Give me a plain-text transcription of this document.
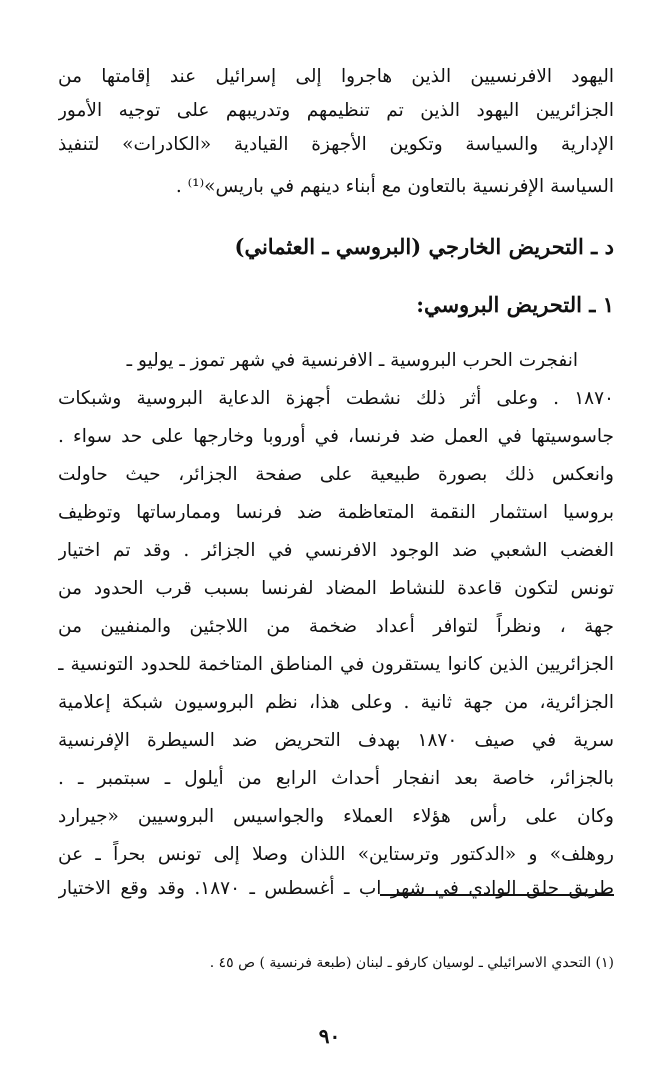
اليهود الافرنسيين الذين هاجروا إلى إسرائيل عند إقامتها من
الجزائريين اليهود الذين تم تنظيمهم وتدريبهم على توجيه الأمور
الإدارية والسياسة وتكوين الأجهزة القيادية «الكادرات» لتنفيذ
السياسة الإفرنسية بالتعاون مع أبناء دينهم في باريس»⁽¹⁾ .
د ـ التحريض الخارجي (البروسي ـ العثماني)
١ ـ التحريض البروسي:
انفجرت الحرب البروسية ـ الافرنسية في شهر تموز ـ يوليو ـ
١٨٧٠ . وعلى أثر ذلك نشطت أجهزة الدعاية البروسية وشبكات
جاسوسيتها في العمل ضد فرنسا، في أوروبا وخارجها على حد سواء .
وانعكس ذلك بصورة طبيعية على صفحة الجزائر، حيث حاولت
بروسيا استثمار النقمة المتعاظمة ضد فرنسا وممارساتها وتوظيف
الغضب الشعبي ضد الوجود الافرنسي في الجزائر . وقد تم اختيار
تونس لتكون قاعدة للنشاط المضاد لفرنسا بسبب قرب الحدود من
جهة ، ونظراً لتوافر أعداد ضخمة من اللاجئين والمنفيين من
الجزائريين الذين كانوا يستقرون في المناطق المتاخمة للحدود التونسية ـ
الجزائرية، من جهة ثانية . وعلى هذا، نظم البروسيون شبكة إعلامية
سرية في صيف ١٨٧٠ بهدف التحريض ضد السيطرة الإفرنسية
بالجزائر، خاصة بعد انفجار أحداث الرابع من أيلول ـ سبتمبر ـ .
وكان على رأس هؤلاء العملاء والجواسيس البروسيين «جيرارد
روهلف» و «الدكتور وترستاين» اللذان وصلا إلى تونس بحراً ـ عن
طريق حلق الوادي في شهر اب ـ أغسطس ـ ١٨٧٠. وقد وقع الاختيار
(١) التحدي الاسرائيلي ـ لوسيان كارفو ـ لبنان (طبعة فرنسية ) ص ٤٥ .
٩٠
